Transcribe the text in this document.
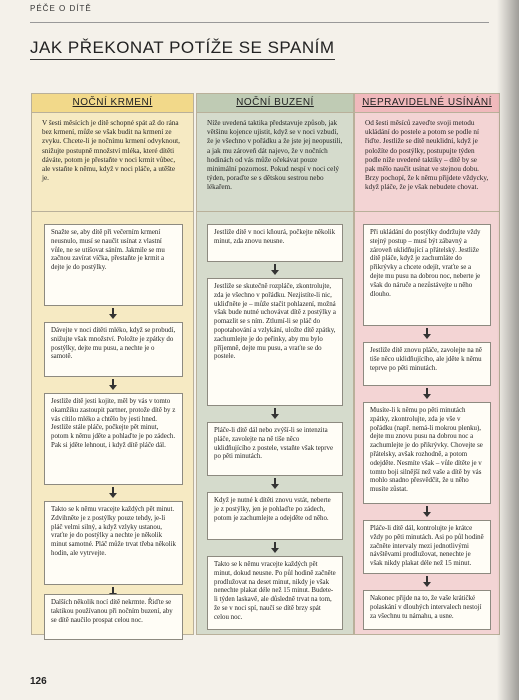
PÉČE O DÍTĚ
JAK PŘEKONAT POTÍŽE SE SPANÍM
NOČNÍ KRMENÍ
V šesti měsících je dítě schopné spát až do rána bez krmení, může se však budit na krmení ze zvyku. Chcete-li je nočnímu krmení odvyknout, snižujte postupně množství mléka, které dítěti dáváte, potom je přestaňte v noci krmit vůbec, ale vstaňte k němu, když v noci pláče, a utěšte je.
Snažte se, aby dítě při večerním krmení neusnulo, musí se naučit usínat z vlastní vůle, ne se utišovat sáním. Jakmile se mu začnou zavírat víčka, přestaňte je krmit a dejte je do postýlky.
Dávejte v noci dítěti mléko, když se probudí, snižujte však množství. Položte je zpátky do postýlky, dejte mu pusu, a nechte je o samotě.
Jestliže dítě jesti kojite, měl by vás v tomto okamžiku zastoupit partner, protože dítě by z vás cítilo mléko a chtělo by jesti hned. Jestliže stále pláče, počkejte pět minut, potom k němu jděte a pohlaďte je po zádech. Pak si jděte lehnout, i když dítě pláče dál.
Takto se k němu vracejte každých pět minut. Zdvihněte je z postýlky pouze tehdy, je-li pláč velmi silný, a když vzlyky ustanou, vraťte je do postýlky a nechte je několik minut samotné. Pláč může trvat třeba několik hodin, ale vytrvejte.
Dalších několik nocí dítě nekrmte. Řiďte se taktikou používanou při nočním buzení, aby se dítě naučilo prospat celou noc.
NOČNÍ BUZENÍ
Níže uvedená taktika představuje způsob, jak většinu kojence ujistit, když se v noci vzbudí, že je všechno v pořádku a že jste jej neopustili, a jak mu zároveň dát najevo, že v nočních hodinách od vás může očekávat pouze minimální pozornost. Pokud nespí v noci celý týden, poraďte se s dětskou sestrou nebo lékařem.
Jestliže dítě v noci kňourá, počkejte několik minut, zda znovu neusne.
Jestliže se skutečně rozpláče, zkontrolujte, zda je všechno v pořádku. Nezjistíte-li nic, ukliďněte je – může stačit pohlazení, možná však bude nutné uchovávat dítě z postýlky a pomazlit se s ním. Ztlumí-li se pláč do popotahování a vzlykání, uložte dítě zpátky, zachumlejte je do peřinky, aby mu bylo příjemně, dejte mu pusu, a vraťte se do postele.
Pláče-li dítě dál nebo zvýší-li se intenzita pláče, zavolejte na ně tiše něco uklidňujícího z postele, vstaňte však teprve po pěti minutách.
Když je nutné k dítěti znovu vstát, neberte je z postýlky, jen je pohlaďte po zádech, potom je zachumlejte a odejděte od něho.
Takto se k němu vracejte každých pět minut, dokud neusne. Po půl hodině začněte prodlužovat na deset minut, nikdy je však nenechte plakat déle než 15 minut. Budete-li týden laskavě, ale důsledně trvat na tom, že se v noci spí, naučí se dítě brzy spát celou noc.
NEPRAVIDELNÉ USÍNÁNÍ
Od šesti měsíců zaveďte svoji metodu ukládání do postele a potom se podle ní řiďte. Jestliže se dítě neuklidní, když je položíte do postýlky, postupujte týden podle níže uvedené taktiky – dítě by se pak mělo naučit usínat ve stejnou dobu. Brzy pochopí, že k němu přijdete vždycky, když pláče, že je však nebudete chovat.
Při ukládání do postýlky dodržujte vždy stejný postup – musí být zábavný a zároveň uklidňující a přátelský. Jestliže dítě pláče, když je zachumláte do přikrývky a chcete odejít, vraťte se a dejte mu pusu na dobrou noc, neberte je však do náruče a nezůstávejte u něho dlouho.
Jestliže dítě znovu pláče, zavolejte na ně tiše něco uklidňujícího, ale jděte k němu teprve po pěti minutách.
Musíte-li k němu po pěti minutách zpátky, zkontrolujte, zda je vše v pořádku (např. nemá-li mokrou plenku), dejte mu znovu pusu na dobrou noc a zachumlejte je do přikrývky. Chovejte se přátelsky, avšak rozhodně, a potom odejděte. Nesmíte však – vůle dítěte je v tomto boji silnější než vaše a dítě by vás mohlo snadno přesvědčit, že u něho musíte zůstat.
Pláče-li dítě dál, kontrolujte je krátce vždy po pěti minutách. Asi po půl hodině začněte intervaly mezi jednotlivými návštěvami prodlužovat, nenechte je však nikdy plakat déle než 15 minut.
Nakonec přijde na to, že vaše krátičké polaskání v dlouhých intervalech nestojí za všechnu tu námahu, a usne.
126
